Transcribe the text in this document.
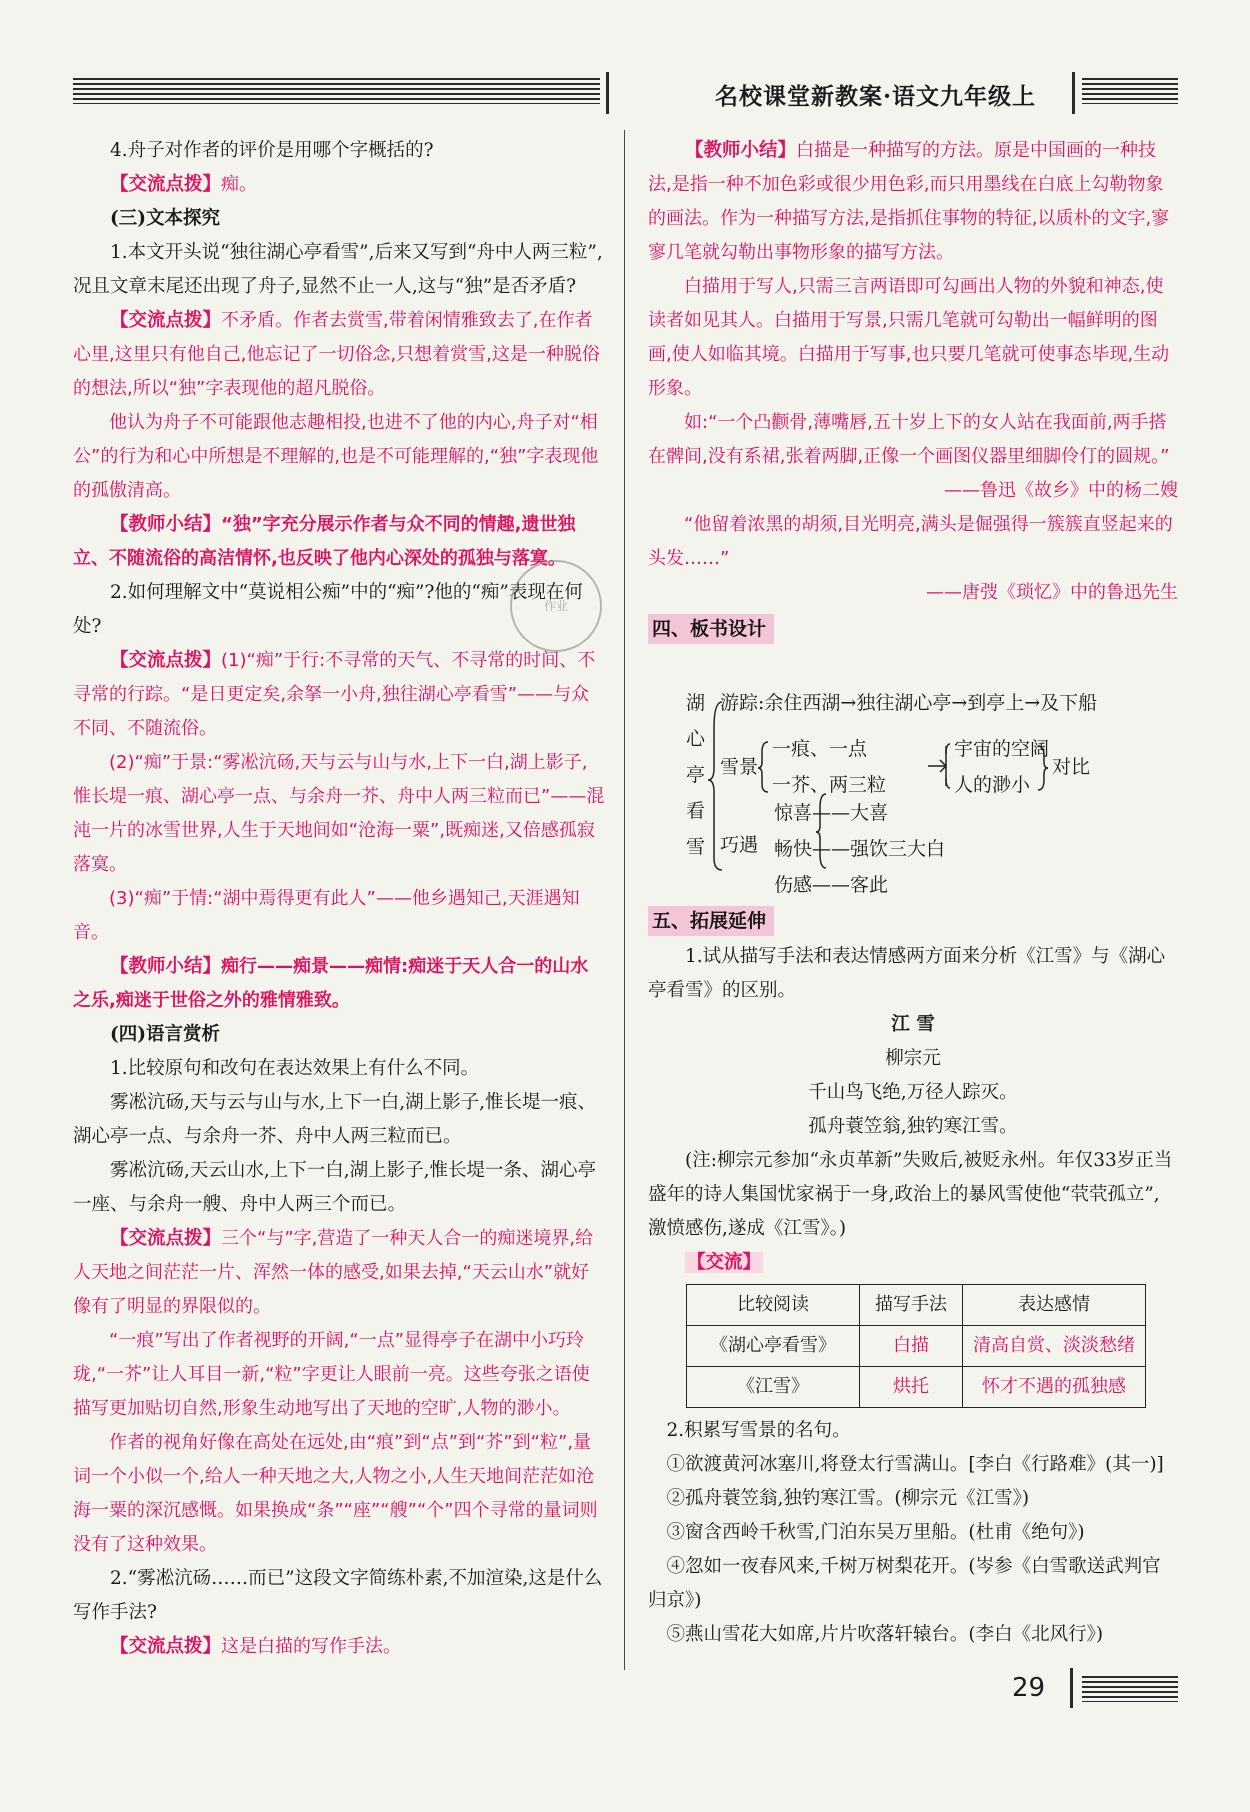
名校课堂新教案·语文九年级上

4.舟子对作者的评价是用哪个字概括的?

【交流点拨】痴。

(三)文本探究

1.本文开头说“独往湖心亭看雪”,后来又写到“舟中人两三粒”,况且文章末尾还出现了舟子,显然不止一人,这与“独”是否矛盾?

【交流点拨】不矛盾。作者去赏雪,带着闲情雅致去了,在作者心里,这里只有他自己,他忘记了一切俗念,只想着赏雪,这是一种脱俗的想法,所以“独”字表现他的超凡脱俗。

他认为舟子不可能跟他志趣相投,也进不了他的内心,舟子对“相公”的行为和心中所想是不理解的,也是不可能理解的,“独”字表现他的孤傲清高。

【教师小结】“独”字充分展示作者与众不同的情趣,遗世独立、不随流俗的高洁情怀,也反映了他内心深处的孤独与落寞。

2.如何理解文中“莫说相公痴”中的“痴”?他的“痴”表现在何处?

【交流点拨】(1)“痴”于行:不寻常的天气、不寻常的时间、不寻常的行踪。“是日更定矣,余拏一小舟,独往湖心亭看雪”——与众不同、不随流俗。

(2)“痴”于景:“雾凇沆砀,天与云与山与水,上下一白,湖上影子,惟长堤一痕、湖心亭一点、与余舟一芥、舟中人两三粒而已”——混沌一片的冰雪世界,人生于天地间如“沧海一粟”,既痴迷,又倍感孤寂落寞。

(3)“痴”于情:“湖中焉得更有此人”——他乡遇知己,天涯遇知音。

【教师小结】痴行——痴景——痴情:痴迷于天人合一的山水之乐,痴迷于世俗之外的雅情雅致。

(四)语言赏析

1.比较原句和改句在表达效果上有什么不同。

雾凇沆砀,天与云与山与水,上下一白,湖上影子,惟长堤一痕、湖心亭一点、与余舟一芥、舟中人两三粒而已。

雾凇沆砀,天云山水,上下一白,湖上影子,惟长堤一条、湖心亭一座、与余舟一艘、舟中人两三个而已。

【交流点拨】三个“与”字,营造了一种天人合一的痴迷境界,给人天地之间茫茫一片、浑然一体的感受,如果去掉,“天云山水”就好像有了明显的界限似的。

“一痕”写出了作者视野的开阔,“一点”显得亭子在湖中小巧玲珑,“一芥”让人耳目一新,“粒”字更让人眼前一亮。这些夸张之语使描写更加贴切自然,形象生动地写出了天地的空旷,人物的渺小。

作者的视角好像在高处在远处,由“痕”到“点”到“芥”到“粒”,量词一个小似一个,给人一种天地之大,人物之小,人生天地间茫茫如沧海一粟的深沉感慨。如果换成“条”“座”“艘”“个”四个寻常的量词则没有了这种效果。

2.“雾凇沆砀……而已”这段文字简练朴素,不加渲染,这是什么写作手法?

【交流点拨】这是白描的写作手法。

作业

【教师小结】白描是一种描写的方法。原是中国画的一种技法,是指一种不加色彩或很少用色彩,而只用墨线在白底上勾勒物象的画法。作为一种描写方法,是指抓住事物的特征,以质朴的文字,寥寥几笔就勾勒出事物形象的描写方法。

白描用于写人,只需三言两语即可勾画出人物的外貌和神态,使读者如见其人。白描用于写景,只需几笔就可勾勒出一幅鲜明的图画,使人如临其境。白描用于写事,也只要几笔就可使事态毕现,生动形象。

如:“一个凸颧骨,薄嘴唇,五十岁上下的女人站在我面前,两手搭在髀间,没有系裙,张着两脚,正像一个画图仪器里细脚伶仃的圆规。”

——鲁迅《故乡》中的杨二嫂

“他留着浓黑的胡须,目光明亮,满头是倔强得一簇簇直竖起来的头发……”

——唐弢《琐忆》中的鲁迅先生

四、板书设计
湖
心
亭
看
雪
游踪:余住西湖→独往湖心亭→到亭上→及下船
雪景
一痕、一点
一芥、两三粒
宇宙的空阔
人的渺小
对比
巧遇
惊喜——大喜
畅快——强饮三大白
伤感——客此
五、拓展延伸

1.试从描写手法和表达情感两方面来分析《江雪》与《湖心亭看雪》的区别。

江 雪

柳宗元

千山鸟飞绝,万径人踪灭。

孤舟蓑笠翁,独钓寒江雪。

(注:柳宗元参加“永贞革新”失败后,被贬永州。年仅33岁正当盛年的诗人集国忧家祸于一身,政治上的暴风雪使他“茕茕孤立”,激愤感伤,遂成《江雪》。)

【交流】

比较阅读	描写手法	表达感情
《湖心亭看雪》	白描	清高自赏、淡淡愁绪
《江雪》	烘托	怀才不遇的孤独感

2.积累写雪景的名句。

①欲渡黄河冰塞川,将登太行雪满山。[李白《行路难》(其一)]

②孤舟蓑笠翁,独钓寒江雪。(柳宗元《江雪》)

③窗含西岭千秋雪,门泊东吴万里船。(杜甫《绝句》)

④忽如一夜春风来,千树万树梨花开。(岑参《白雪歌送武判官归京》)

⑤燕山雪花大如席,片片吹落轩辕台。(李白《北风行》)

29
